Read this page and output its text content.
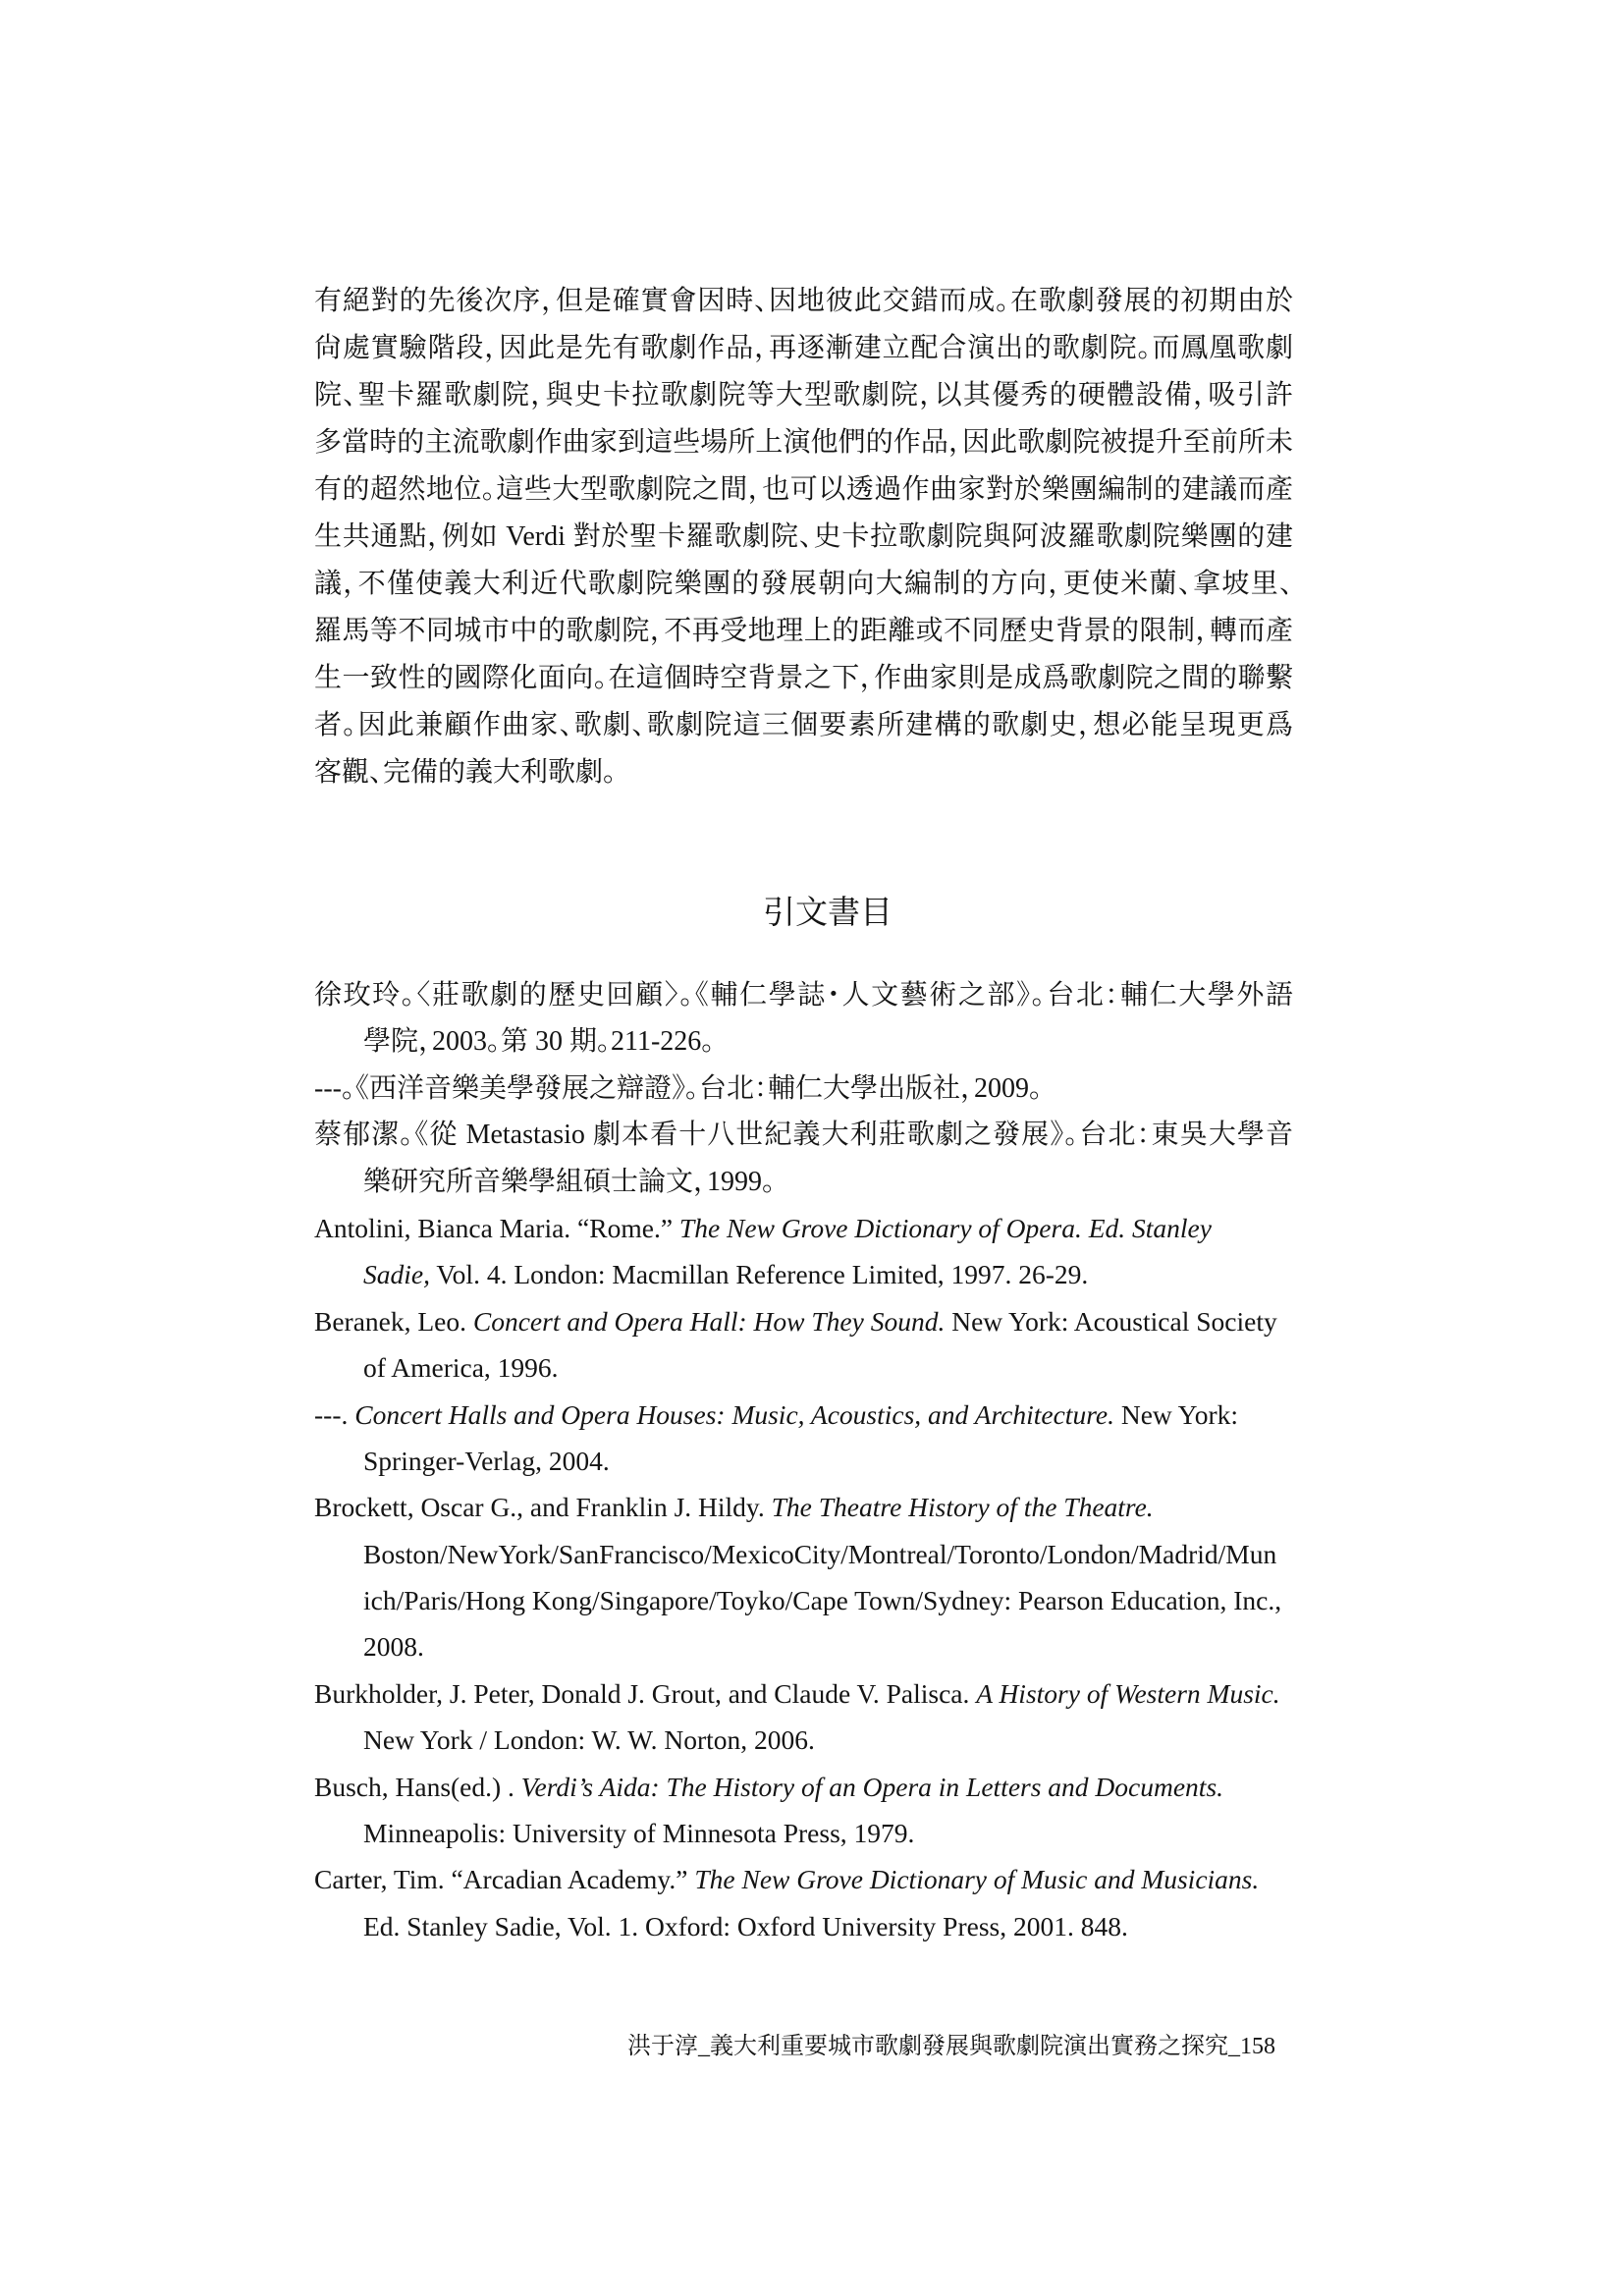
有絕對的先後次序，但是確實會因時、因地彼此交錯而成。在歌劇發展的初期由於
尙處實驗階段，因此是先有歌劇作品，再逐漸建立配合演出的歌劇院。而鳳凰歌劇
院、聖卡羅歌劇院，與史卡拉歌劇院等大型歌劇院，以其優秀的硬體設備，吸引許
多當時的主流歌劇作曲家到這些場所上演他們的作品，因此歌劇院被提升至前所未
有的超然地位。這些大型歌劇院之間，也可以透過作曲家對於樂團編制的建議而產
生共通點，例如 Verdi 對於聖卡羅歌劇院、史卡拉歌劇院與阿波羅歌劇院樂團的建
議，不僅使義大利近代歌劇院樂團的發展朝向大編制的方向，更使米蘭、拿坡里、
羅馬等不同城市中的歌劇院，不再受地理上的距離或不同歷史背景的限制，轉而產
生一致性的國際化面向。在這個時空背景之下，作曲家則是成爲歌劇院之間的聯繫
者。因此兼顧作曲家、歌劇、歌劇院這三個要素所建構的歌劇史，想必能呈現更爲
客觀、完備的義大利歌劇。
引文書目
徐玫玲。〈莊歌劇的歷史回顧〉。《輔仁學誌・人文藝術之部》。台北：輔仁大學外語
學院，2003。第 30 期。211-226。
---。《西洋音樂美學發展之辯證》。台北：輔仁大學出版社，2009。
蔡郁潔。《從 Metastasio 劇本看十八世紀義大利莊歌劇之發展》。台北：東吳大學音
樂研究所音樂學組碩士論文，1999。
Antolini, Bianca Maria. “Rome.” The New Grove Dictionary of Opera. Ed. Stanley
Sadie, Vol. 4. London: Macmillan Reference Limited, 1997. 26-29.
Beranek, Leo. Concert and Opera Hall: How They Sound. New York: Acoustical Society
of America, 1996.
---. Concert Halls and Opera Houses: Music, Acoustics, and Architecture. New York:
Springer-Verlag, 2004.
Brockett, Oscar G., and Franklin J. Hildy. The Theatre History of the Theatre.
Boston/NewYork/SanFrancisco/MexicoCity/Montreal/Toronto/London/Madrid/Mun
ich/Paris/Hong Kong/Singapore/Toyko/Cape Town/Sydney: Pearson Education, Inc.,
2008.
Burkholder, J. Peter, Donald J. Grout, and Claude V. Palisca. A History of Western Music.
New York / London: W. W. Norton, 2006.
Busch, Hans(ed.) . Verdi’s Aida: The History of an Opera in Letters and Documents.
Minneapolis: University of Minnesota Press, 1979.
Carter, Tim. “Arcadian Academy.” The New Grove Dictionary of Music and Musicians.
Ed. Stanley Sadie, Vol. 1. Oxford: Oxford University Press, 2001. 848.
洪于淳_義大利重要城市歌劇發展與歌劇院演出實務之探究_158
